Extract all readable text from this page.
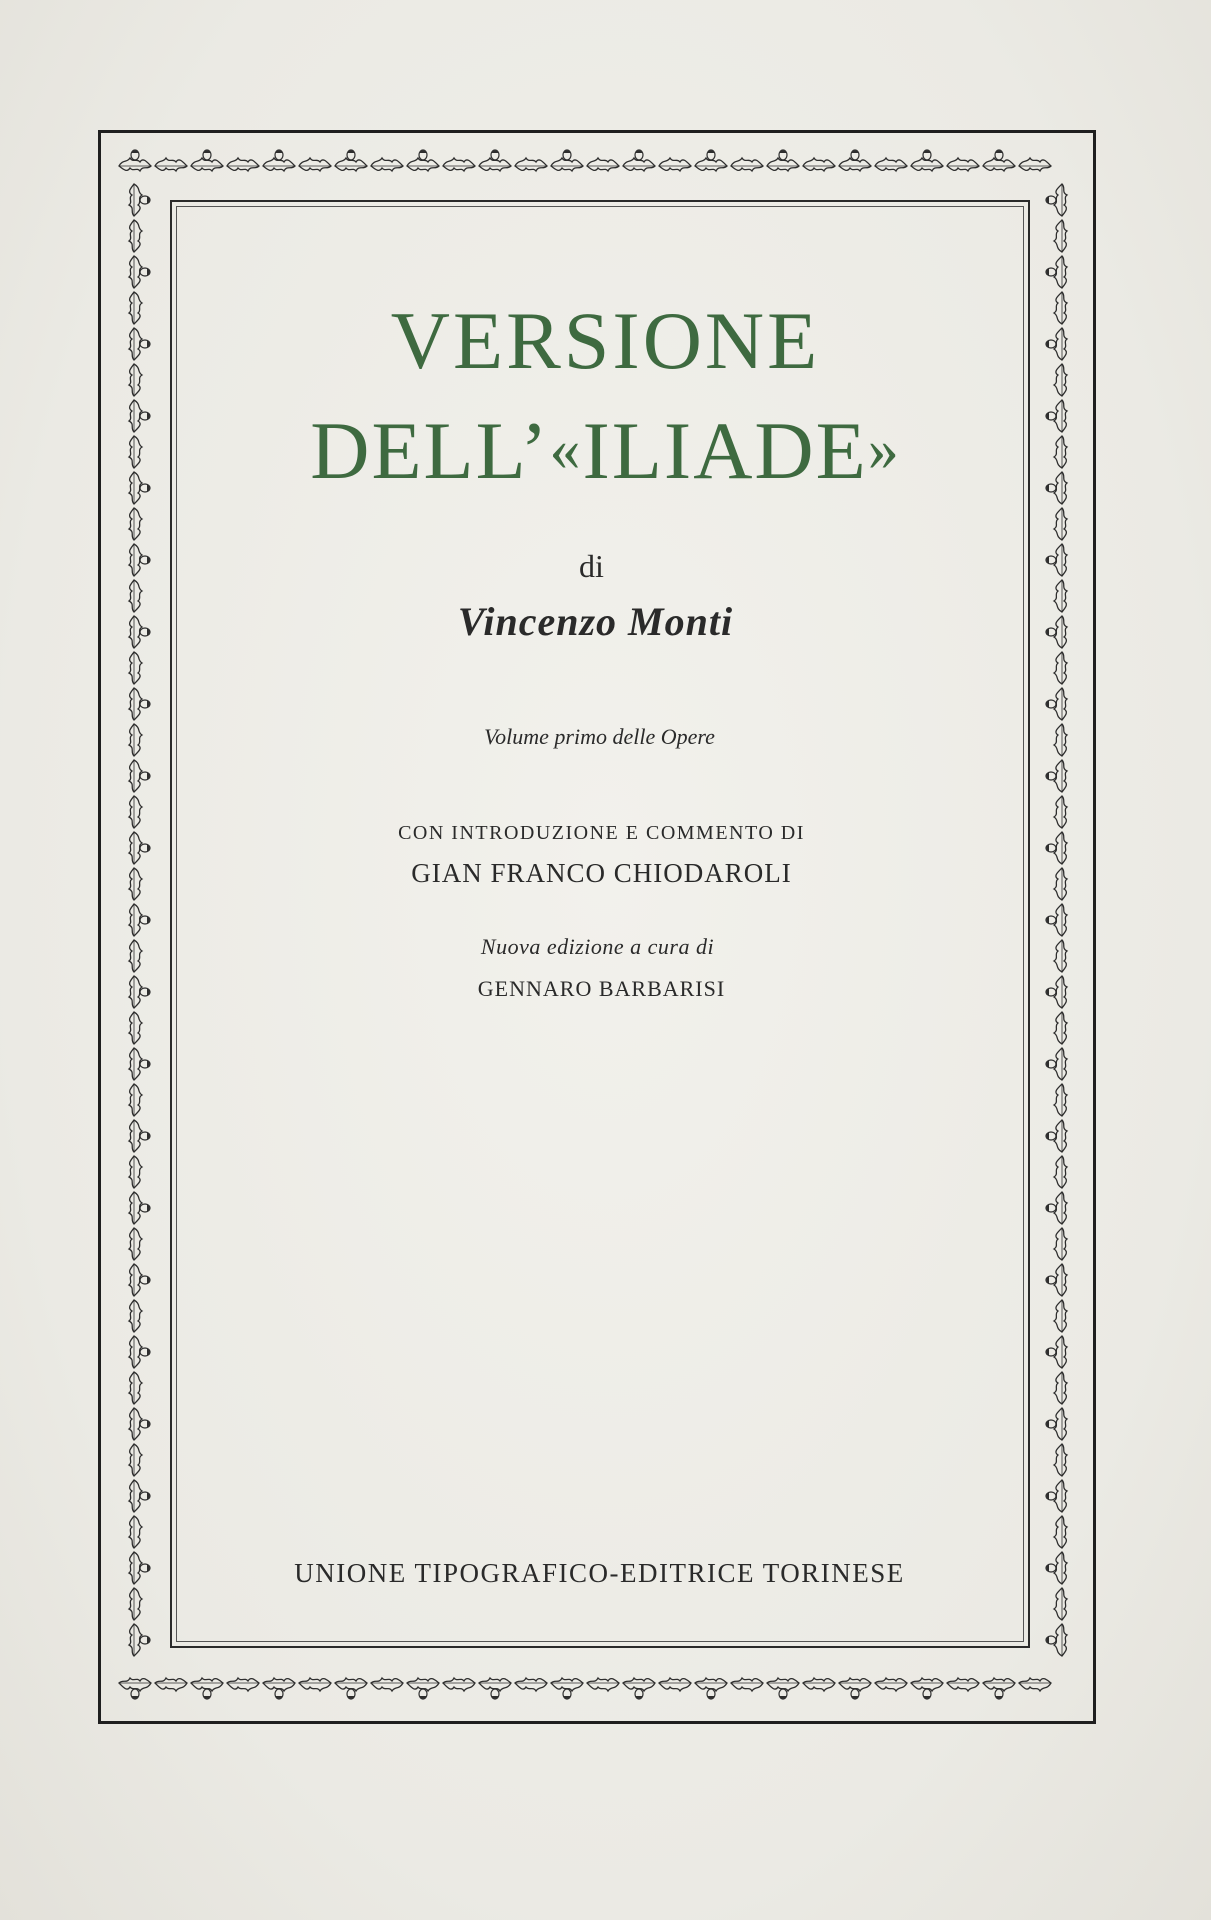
VERSIONE
DELL’«ILIADE»
di
Vincenzo Monti
Volume primo delle Opere
CON INTRODUZIONE E COMMENTO DI
GIAN FRANCO CHIODAROLI
Nuova edizione a cura di
GENNARO BARBARISI
UNIONE TIPOGRAFICO-EDITRICE TORINESE
